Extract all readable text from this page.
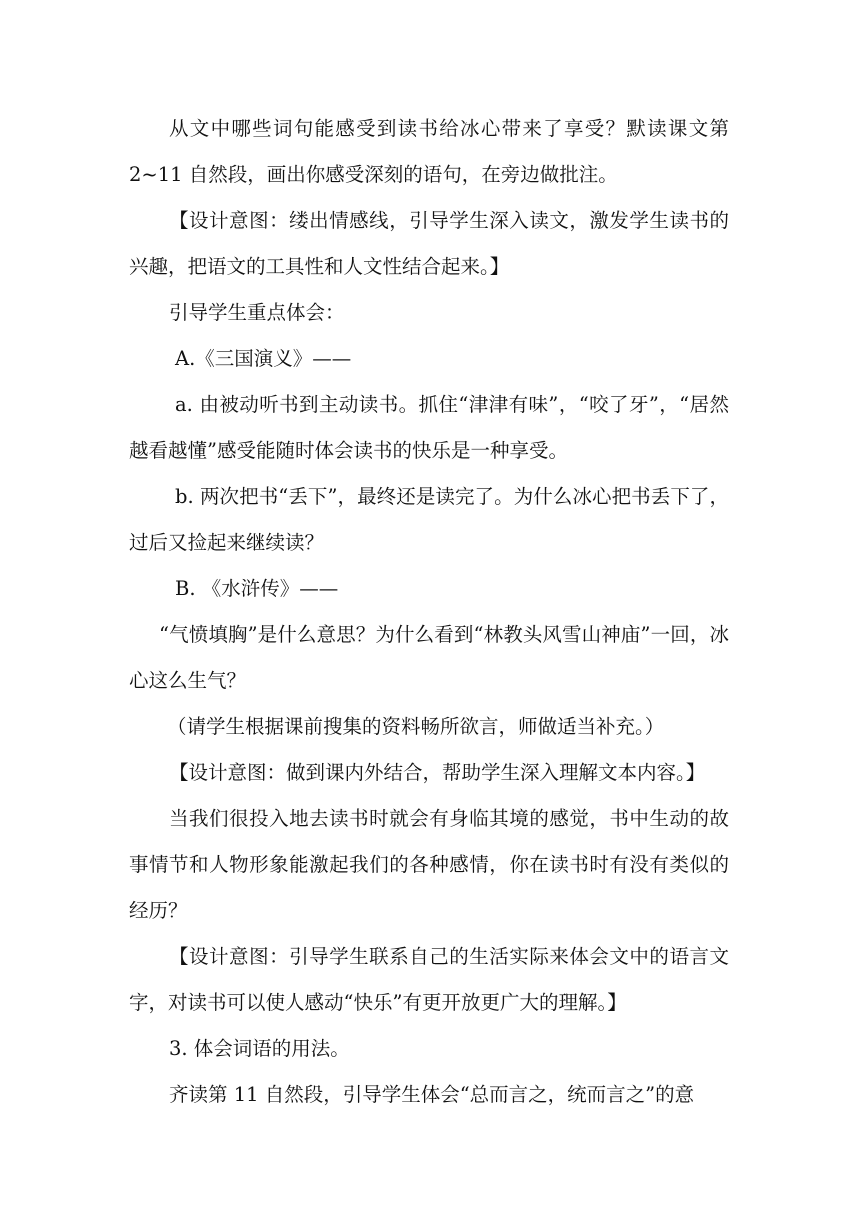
从文中哪些词句能感受到读书给冰心带来了享受？默读课文第2~11 自然段，画出你感受深刻的语句，在旁边做批注。

【设计意图：缕出情感线，引导学生深入读文，激发学生读书的兴趣，把语文的工具性和人文性结合起来。】

引导学生重点体会：

A.《三国演义》——

a. 由被动听书到主动读书。抓住“津津有味”，“咬了牙”，“居然越看越懂”感受能随时体会读书的快乐是一种享受。

b. 两次把书“丢下”，最终还是读完了。为什么冰心把书丢下了，过后又捡起来继续读？

B. 《水浒传》——

“气愤填胸”是什么意思？为什么看到“林教头风雪山神庙”一回，冰心这么生气？

（请学生根据课前搜集的资料畅所欲言，师做适当补充。）

【设计意图：做到课内外结合，帮助学生深入理解文本内容。】

当我们很投入地去读书时就会有身临其境的感觉，书中生动的故事情节和人物形象能激起我们的各种感情，你在读书时有没有类似的经历？

【设计意图：引导学生联系自己的生活实际来体会文中的语言文字，对读书可以使人感动“快乐”有更开放更广大的理解。】

3. 体会词语的用法。

齐读第 11 自然段，引导学生体会“总而言之，统而言之”的意
